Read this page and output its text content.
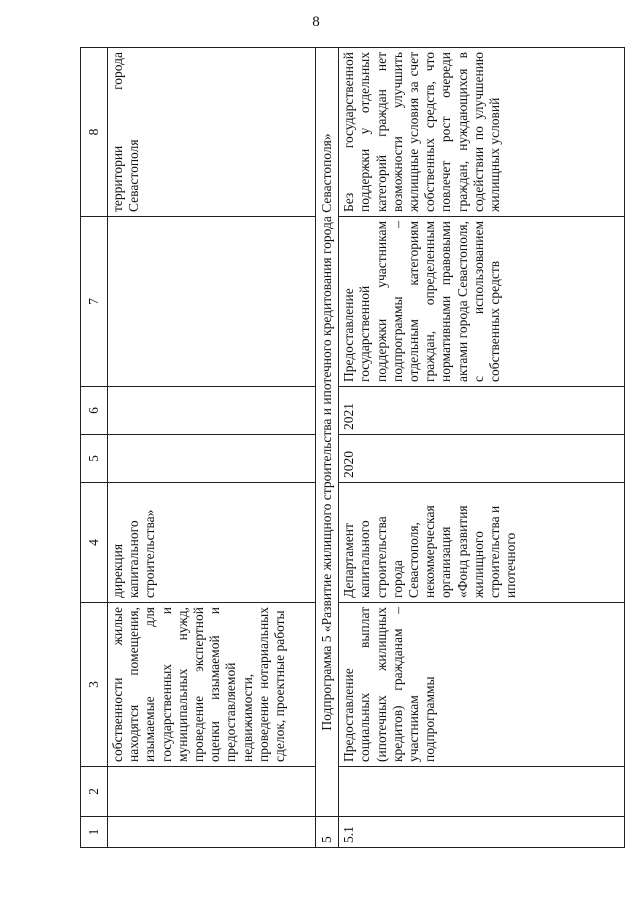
8
1	2	3	4	5	6	7	8
		собственности жилые находятся помещения, изымаемые для государственных и муниципальных нужд, проведение экспертной оценки изымаемой и предоставляемой недвижимости, проведение нотариальных сделок, проектные работы	дирекция капитального строительства»				территории города Севастополя
5	Подпрограмма 5 «Развитие жилищного строительства и ипотечного кредитования города Севастополя»						
5.1		Предоставление социальных выплат (ипотечных жилищных кредитов) гражданам – участникам подпрограммы	Департамент капитального строительства города Севастополя, некоммерческая организация «Фонд развития жилищного строительства и ипотечного	2020	2021	Предоставление государственной поддержки участникам подпрограммы – отдельным категориям граждан, определенным нормативными правовыми актами города Севастополя, с использованием собственных средств	Без государственной поддержки у отдельных категорий граждан нет возможности улучшить жилищные условия за счет собственных средств, что повлечет рост очереди граждан, нуждающихся в содействии по улучшению жилищных условий
